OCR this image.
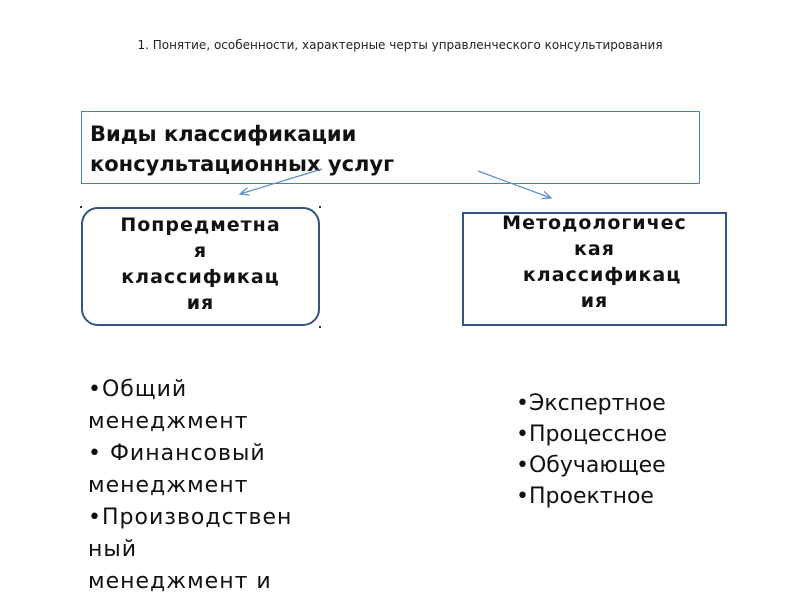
1. Понятие, особенности, характерные черты управленческого консультирования
Виды классификации
консультационных услуг
Попредметна
я
классификац
ия
Методологичес
кая
классификац
ия
•Общий
менеджмент
• Финансовый
менеджмент
•Производствен
ный
менеджмент и
•Экспертное
•Процессное
•Обучающее
•Проектное
